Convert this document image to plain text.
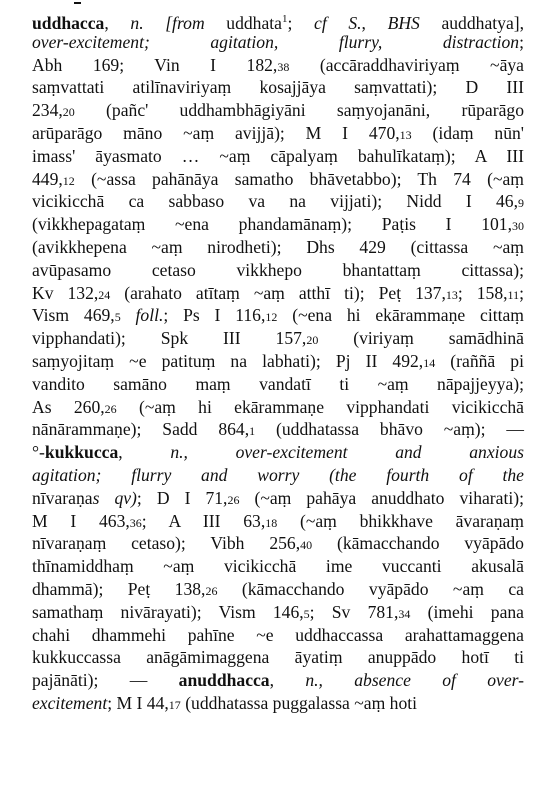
uddhacca, n. [from uddhata$^1$; cf S., BHS auddhatya],
over-excitement; agitation, flurry, distraction;
Abh 169; Vin I 182,38 (accāraddhaviriyaṃ ~āya
saṃvattati atilīnaviriyaṃ kosajjāya saṃvattati); D III
234,20 (pañc' uddhambhāgiyāni saṃyojanāni, rūparāgo
arūparāgo māno ~aṃ avijjā); M I 470,13 (idaṃ nūn'
imass' āyasmato … ~aṃ cāpalyaṃ bahulīkataṃ); A III
449,12 (~assa pahānāya samatho bhāvetabbo); Th 74 (~aṃ
vicikicchā ca sabbaso va na vijjati); Nidd I 46,9
(vikkhepagataṃ ~ena phandamānaṃ); Paṭis I 101,30
(avikkhepena ~aṃ nirodheti); Dhs 429 (cittassa ~aṃ
avūpasamo cetaso vikkhepo bhantattaṃ cittassa);
Kv 132,24 (arahato atītaṃ ~aṃ atthī ti); Peṭ 137,13; 158,11;
Vism 469,5 foll.; Ps I 116,12 (~ena hi ekārammaṇe cittaṃ
vipphandati); Spk III 157,20 (viriyaṃ samādhinā
saṃyojitaṃ ~e patituṃ na labhati); Pj II 492,14 (raññā pi
vandito samāno maṃ vandatī ti ~aṃ nāpajjeyya);
As 260,26 (~aṃ hi ekārammaṇe vipphandati vicikicchā
nānārammaṇe); Sadd 864,1 (uddhatassa bhāvo ~aṃ); —
°-kukkucca, n., over-excitement and anxious
agitation; flurry and worry (the fourth of the
nīvaraṇas qv); D I 71,26 (~aṃ pahāya anuddhato viharati);
M I 463,36; A III 63,18 (~aṃ bhikkhave āvaraṇaṃ
nīvaraṇaṃ cetaso); Vibh 256,40 (kāmacchando vyāpādo
thīnamiddhaṃ ~aṃ vicikicchā ime vuccanti akusalā
dhammā); Peṭ 138,26 (kāmacchando vyāpādo ~aṃ ca
samathaṃ nivārayati); Vism 146,5; Sv 781,34 (imehi pana
chahi dhammehi pahīne ~e uddhaccassa arahattamaggena
kukkuccassa anāgāmimaggena āyatiṃ anuppādo hotī ti
pajānāti); — anuddhacca, n., absence of over-
excitement; M I 44,17 (uddhatassa puggalassa ~aṃ hoti
